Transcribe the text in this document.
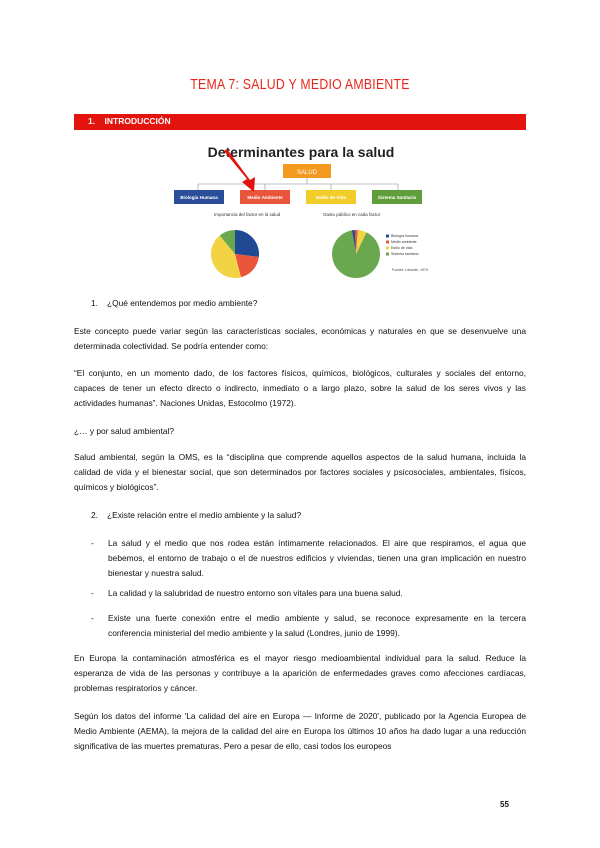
TEMA 7: SALUD Y MEDIO AMBIENTE
1. INTRODUCCIÓN
Determinantes para la salud
SALUD
Biología Humana	Medio Ambiente	Estilo de Vida	Sistema Sanitario
Importancia del factor en la salud	Gasto público en cada factor
Biología humana
Medio ambiente
Estilo de vida
Sistema sanitario
Fuente: Lalonde, 1974
1. ¿Qué entendemos por medio ambiente?
Este concepto puede variar según las características sociales, económicas y naturales en que se desenvuelve una determinada colectividad. Se podría entender como:
“El conjunto, en un momento dado, de los factores físicos, químicos, biológicos, culturales y sociales del entorno, capaces de tener un efecto directo o indirecto, inmediato o a largo plazo, sobre la salud de los seres vivos y las actividades humanas”. Naciones Unidas, Estocolmo (1972).
¿… y por salud ambiental?
Salud ambiental, según la OMS, es la “disciplina que comprende aquellos aspectos de la salud humana, incluida la calidad de vida y el bienestar social, que son determinados por factores sociales y psicosociales, ambientales, físicos, químicos y biológicos”.
2. ¿Existe relación entre el medio ambiente y la salud?
- La salud y el medio que nos rodea están íntimamente relacionados. El aire que respiramos, el agua que bebemos, el entorno de trabajo o el de nuestros edificios y viviendas, tienen una gran implicación en nuestro bienestar y nuestra salud.
- La calidad y la salubridad de nuestro entorno son vitales para una buena salud.
- Existe una fuerte conexión entre el medio ambiente y salud, se reconoce expresamente en la tercera conferencia ministerial del medio ambiente y la salud (Londres, junio de 1999).
En Europa la contaminación atmosférica es el mayor riesgo medioambiental individual para la salud. Reduce la esperanza de vida de las personas y contribuye a la aparición de enfermedades graves como afecciones cardíacas, problemas respiratorios y cáncer.
Según los datos del informe 'La calidad del aire en Europa — Informe de 2020', publicado por la Agencia Europea de Medio Ambiente (AEMA), la mejora de la calidad del aire en Europa los últimos 10 años ha dado lugar a una reducción significativa de las muertes prematuras. Pero a pesar de ello, casi todos los europeos
55
